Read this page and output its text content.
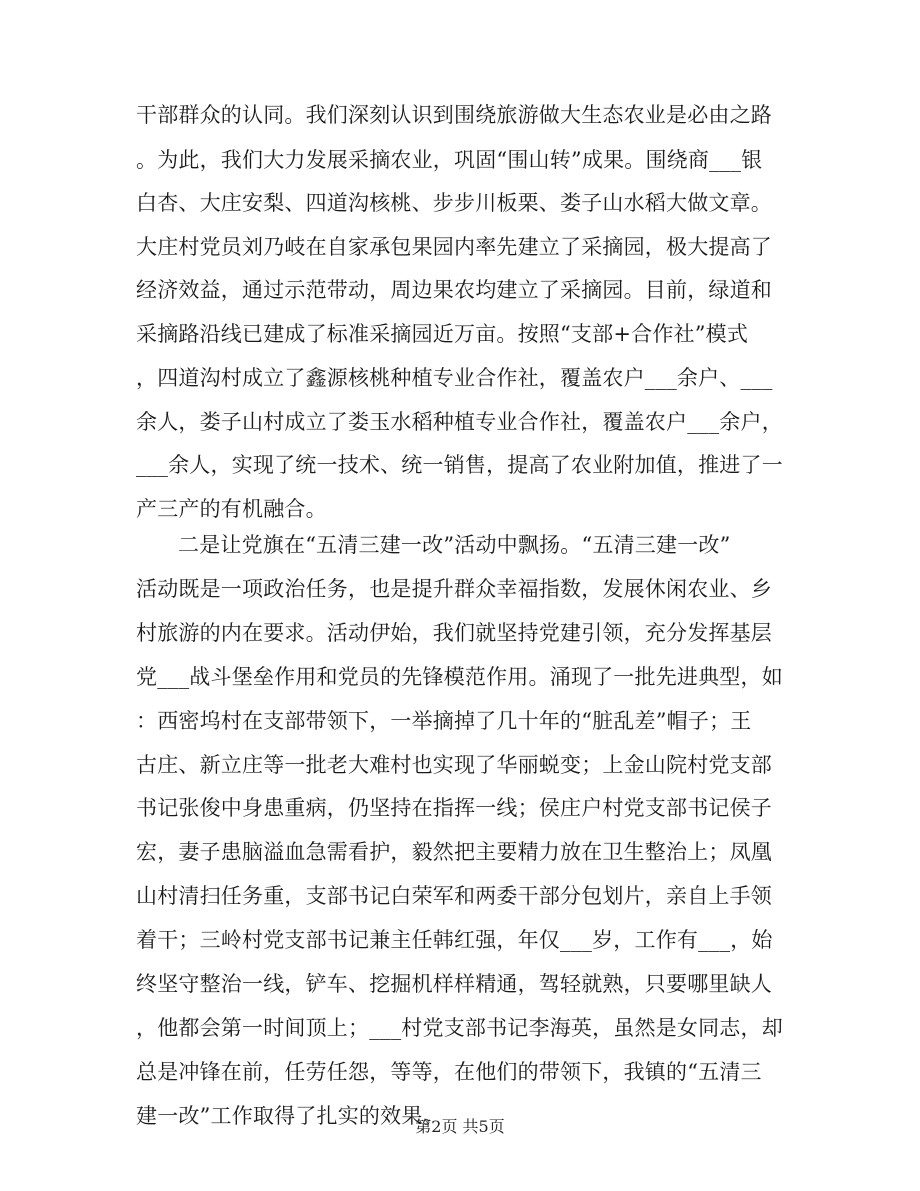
干部群众的认同。我们深刻认识到围绕旅游做大生态农业是必由之路
。为此，我们大力发展采摘农业，巩固“围山转”成果。围绕商___银
白杏、大庄安梨、四道沟核桃、步步川板栗、娄子山水稻大做文章。
大庄村党员刘乃岐在自家承包果园内率先建立了采摘园，极大提高了
经济效益，通过示范带动，周边果农均建立了采摘园。目前，绿道和
采摘路沿线已建成了标准采摘园近万亩。按照“支部+合作社”模式
，四道沟村成立了鑫源核桃种植专业合作社，覆盖农户___余户、___
余人，娄子山村成立了娄玉水稻种植专业合作社，覆盖农户___余户，
___余人，实现了统一技术、统一销售，提高了农业附加值，推进了一
产三产的有机融合。
二是让党旗在“五清三建一改”活动中飘扬。“五清三建一改”
活动既是一项政治任务，也是提升群众幸福指数，发展休闲农业、乡
村旅游的内在要求。活动伊始，我们就坚持党建引领，充分发挥基层
党___战斗堡垒作用和党员的先锋模范作用。涌现了一批先进典型，如
：西密坞村在支部带领下，一举摘掉了几十年的“脏乱差”帽子；王
古庄、新立庄等一批老大难村也实现了华丽蜕变；上金山院村党支部
书记张俊中身患重病，仍坚持在指挥一线；侯庄户村党支部书记侯子
宏，妻子患脑溢血急需看护，毅然把主要精力放在卫生整治上；凤凰
山村清扫任务重，支部书记白荣军和两委干部分包划片，亲自上手领
着干；三岭村党支部书记兼主任韩红强，年仅___岁，工作有___，始
终坚守整治一线，铲车、挖掘机样样精通，驾轻就熟，只要哪里缺人
，他都会第一时间顶上；___村党支部书记李海英，虽然是女同志，却
总是冲锋在前，任劳任怨，等等，在他们的带领下，我镇的“五清三
建一改”工作取得了扎实的效果。
第2页 共5页
